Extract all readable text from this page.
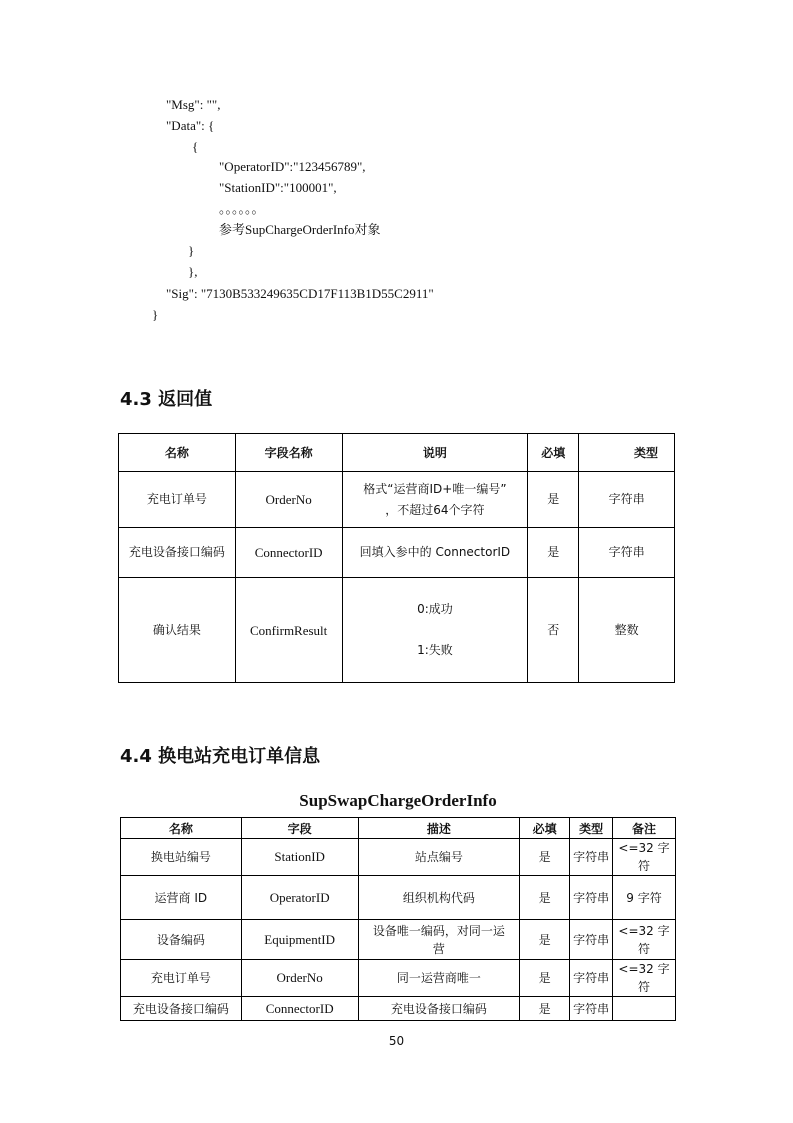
"Msg": "",
"Data": {
{
"OperatorID":"123456789",
"StationID":"100001",
。。。。。。
参考SupChargeOrderInfo对象
}
},
"Sig": "7130B533249635CD17F113B1D55C2911"
}
4.3 返回值
名称	字段名称	说明	必填	类型
充电订单号	OrderNo	格式“运营商ID+唯一编号”
，不超过64个字符	是	字符串
充电设备接口编码	ConnectorID	回填入参中的 ConnectorID	是	字符串
确认结果	ConfirmResult	0:成功
1:失败	否	整数
4.4 换电站充电订单信息
SupSwapChargeOrderInfo
名称	字段	描述	必填	类型	备注
换电站编号	StationID	站点编号	是	字符串	<=32 字符
运营商 ID	OperatorID	组织机构代码	是	字符串	9 字符
设备编码	EquipmentID	设备唯一编码，对同一运
营	是	字符串	<=32 字符
充电订单号	OrderNo	同一运营商唯一	是	字符串	<=32 字符
充电设备接口编码	ConnectorID	充电设备接口编码	是	字符串	
50
